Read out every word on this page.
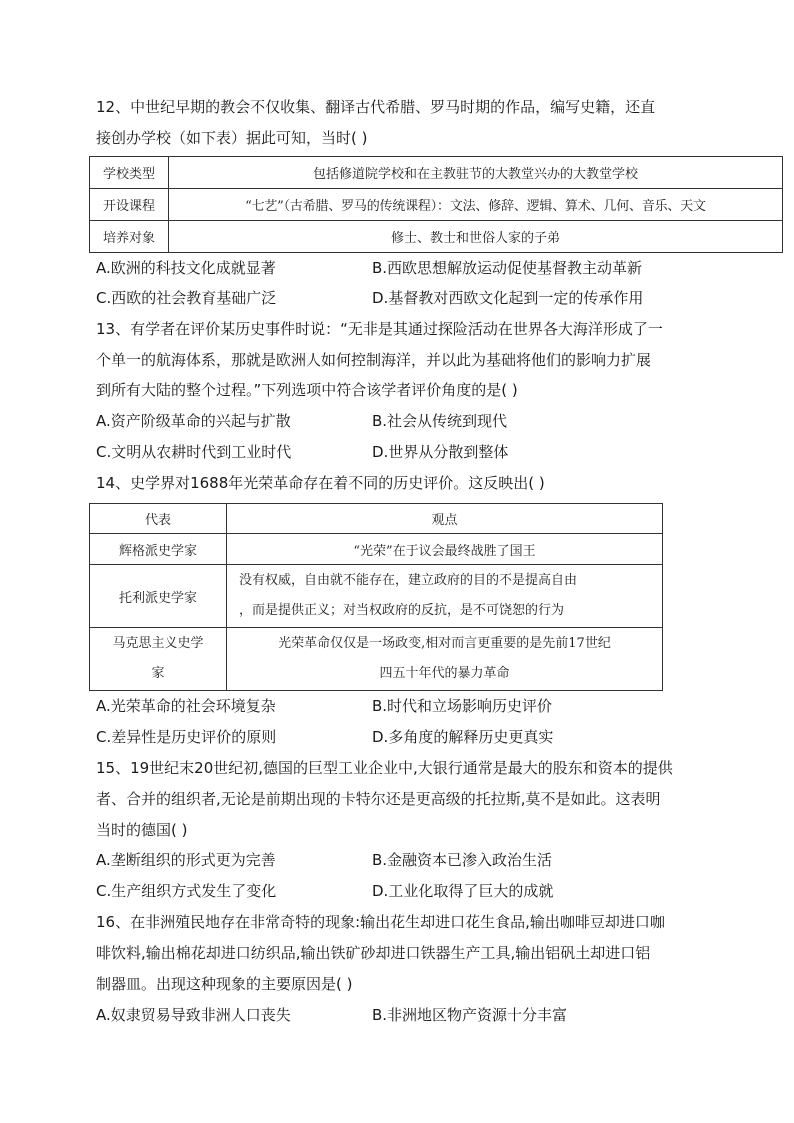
12、中世纪早期的教会不仅收集、翻译古代希腊、罗马时期的作品，编写史籍，还直
接创办学校（如下表）据此可知，当时( )
学校类型	包括修道院学校和在主教驻节的大教堂兴办的大教堂学校
开设课程	“七艺”（古希腊、罗马的传统课程）：文法、修辞、逻辑、算术、几何、音乐、天文
培养对象	修士、教士和世俗人家的子弟
A.欧洲的科技文化成就显著	B.西欧思想解放运动促使基督教主动革新
C.西欧的社会教育基础广泛	D.基督教对西欧文化起到一定的传承作用
13、有学者在评价某历史事件时说：“无非是其通过探险活动在世界各大海洋形成了一
个单一的航海体系，那就是欧洲人如何控制海洋，并以此为基础将他们的影响力扩展
到所有大陆的整个过程。”下列选项中符合该学者评价角度的是( )
A.资产阶级革命的兴起与扩散	B.社会从传统到现代
C.文明从农耕时代到工业时代	D.世界从分散到整体
14、史学界对1688年光荣革命存在着不同的历史评价。这反映出( )
代表	观点
辉格派史学家	“光荣”在于议会最终战胜了国王
托利派史学家	没有权威，自由就不能存在，建立政府的目的不是提高自由
，而是提供正义；对当权政府的反抗，是不可饶恕的行为

马克思主义史学
家	光荣革命仅仅是一场政变,相对而言更重要的是先前17世纪
四五十年代的暴力革命
A.光荣革命的社会环境复杂	B.时代和立场影响历史评价
C.差异性是历史评价的原则	D.多角度的解释历史更真实
15、19世纪末20世纪初,德国的巨型工业企业中,大银行通常是最大的股东和资本的提供
者、合并的组织者,无论是前期出现的卡特尔还是更高级的托拉斯,莫不是如此。这表明
当时的德国( )
A.垄断组织的形式更为完善	B.金融资本已渗入政治生活
C.生产组织方式发生了变化	D.工业化取得了巨大的成就
16、在非洲殖民地存在非常奇特的现象:输出花生却进口花生食品,输出咖啡豆却进口咖
啡饮料,输出棉花却进口纺织品,输出铁矿砂却进口铁器生产工具,输出铝矾土却进口铝
制器皿。出现这种现象的主要原因是( )
A.奴隶贸易导致非洲人口丧失	B.非洲地区物产资源十分丰富
